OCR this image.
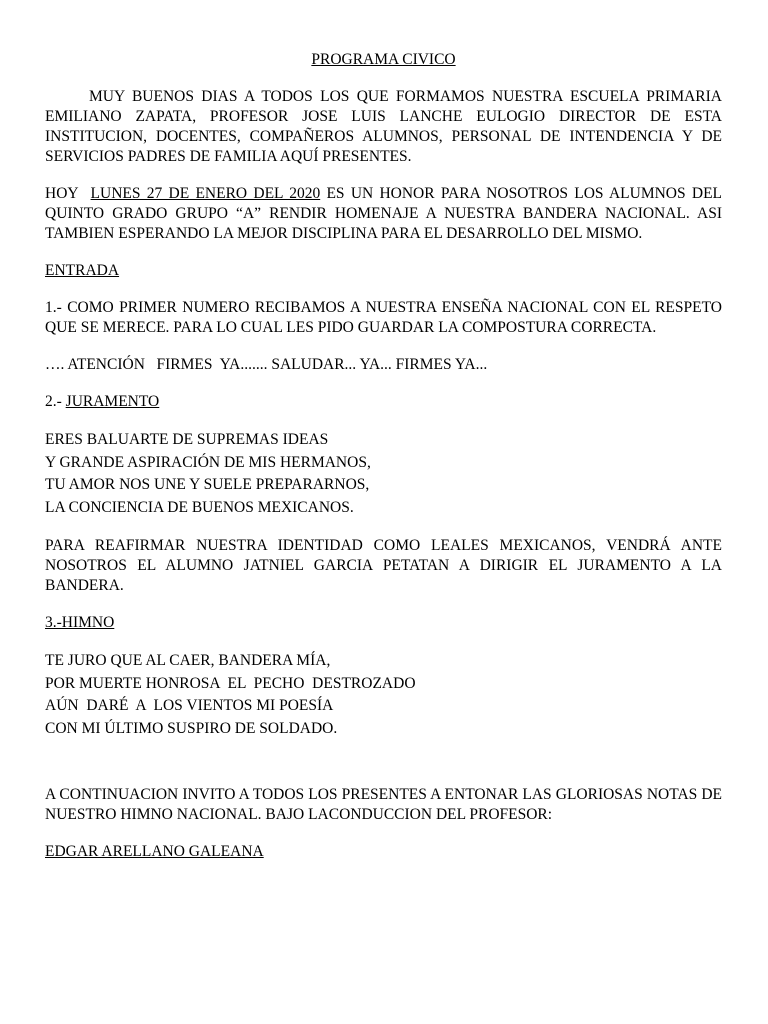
PROGRAMA CIVICO
MUY BUENOS DIAS A TODOS LOS QUE FORMAMOS NUESTRA ESCUELA PRIMARIA EMILIANO ZAPATA, PROFESOR JOSE LUIS LANCHE EULOGIO DIRECTOR DE ESTA INSTITUCION, DOCENTES, COMPAÑEROS ALUMNOS, PERSONAL DE INTENDENCIA Y DE SERVICIOS PADRES DE FAMILIA AQUÍ PRESENTES.
HOY  LUNES 27 DE ENERO DEL 2020 ES UN HONOR PARA NOSOTROS LOS ALUMNOS DEL QUINTO GRADO GRUPO “A” RENDIR HOMENAJE A NUESTRA BANDERA NACIONAL. ASI TAMBIEN ESPERANDO LA MEJOR DISCIPLINA PARA EL DESARROLLO DEL MISMO.
ENTRADA
1.- COMO PRIMER NUMERO RECIBAMOS A NUESTRA ENSEÑA NACIONAL CON EL RESPETO QUE SE MERECE. PARA LO CUAL LES PIDO GUARDAR LA COMPOSTURA CORRECTA.
…. ATENCIÓN   FIRMES  YA....... SALUDAR... YA... FIRMES YA...
2.- JURAMENTO
ERES BALUARTE DE SUPREMAS IDEAS
Y GRANDE ASPIRACIÓN DE MIS HERMANOS,
TU AMOR NOS UNE Y SUELE PREPARARNOS,
LA CONCIENCIA DE BUENOS MEXICANOS.
PARA REAFIRMAR NUESTRA IDENTIDAD COMO LEALES MEXICANOS, VENDRÁ ANTE NOSOTROS EL ALUMNO JATNIEL GARCIA PETATAN A DIRIGIR EL JURAMENTO A LA BANDERA.
3.-HIMNO
TE JURO QUE AL CAER, BANDERA MÍA,
POR MUERTE HONROSA  EL  PECHO  DESTROZADO
AÚN  DARÉ  A  LOS VIENTOS MI POESÍA
CON MI ÚLTIMO SUSPIRO DE SOLDADO.
A CONTINUACION INVITO A TODOS LOS PRESENTES A ENTONAR LAS GLORIOSAS NOTAS DE NUESTRO HIMNO NACIONAL. BAJO LACONDUCCION DEL PROFESOR:
EDGAR ARELLANO GALEANA
